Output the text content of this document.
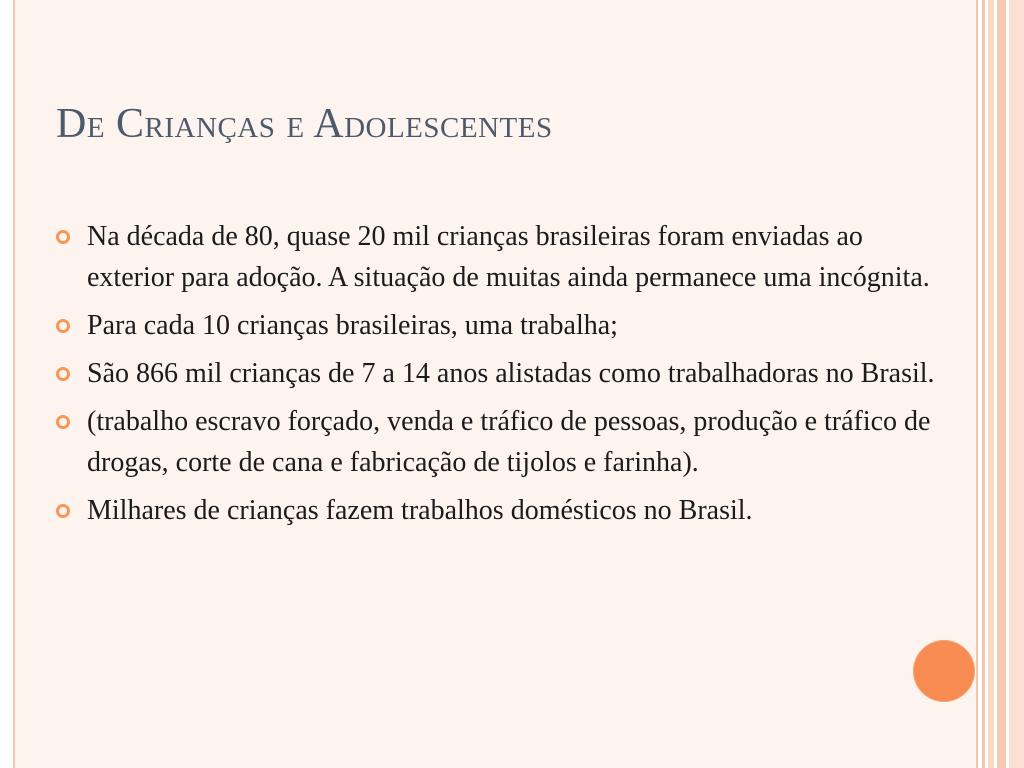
De Crianças e Adolescentes
Na década de 80, quase 20 mil crianças brasileiras foram enviadas ao exterior para adoção. A situação de muitas ainda permanece uma incógnita.
Para cada 10 crianças brasileiras, uma trabalha;
São 866 mil crianças de 7 a 14 anos alistadas como trabalhadoras no Brasil.
(trabalho escravo forçado, venda e tráfico de pessoas, produção e tráfico de drogas, corte de cana e fabricação de tijolos e farinha).
Milhares de crianças fazem trabalhos domésticos no Brasil.
